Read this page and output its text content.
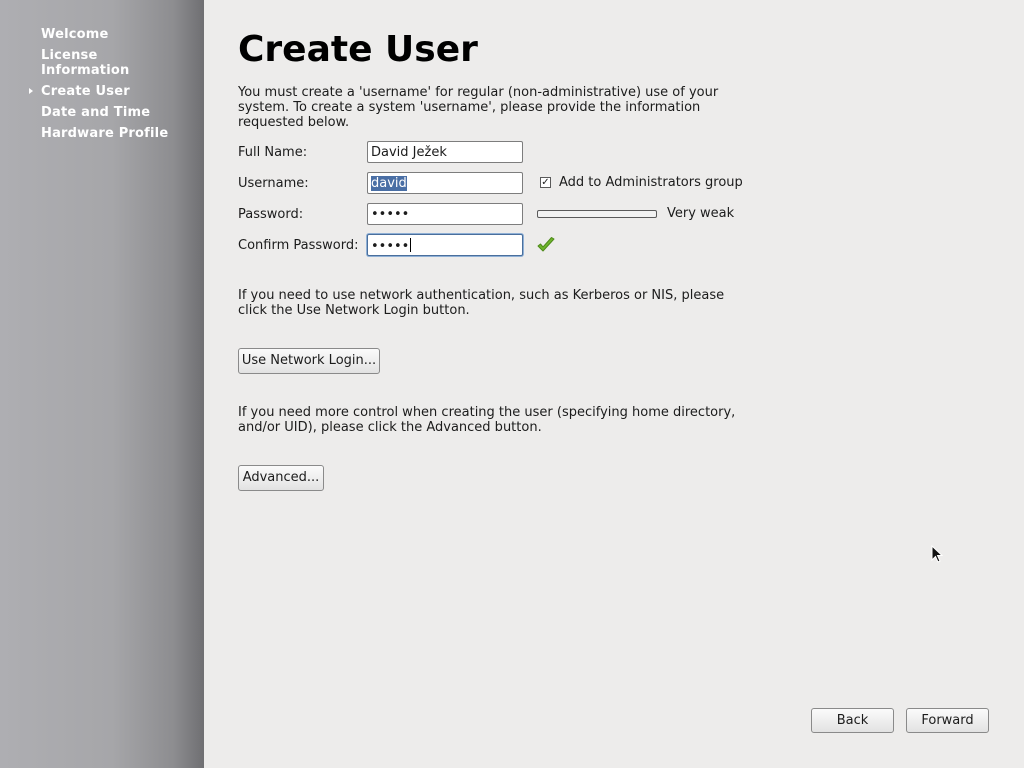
Welcome
License Information
Create User
Date and Time
Hardware Profile
Create User
You must create a 'username' for regular (non-administrative) use of your system. To create a system 'username', please provide the information requested below.
Full Name:	David Ježek
Username:	david	✓ Add to Administrators group
Password:	•••••	Very weak
Confirm Password: •••••
If you need to use network authentication, such as Kerberos or NIS, please click the Use Network Login button.
Use Network Login...
If you need more control when creating the user (specifying home directory, and/or UID), please click the Advanced button.
Advanced...
Back	Forward
